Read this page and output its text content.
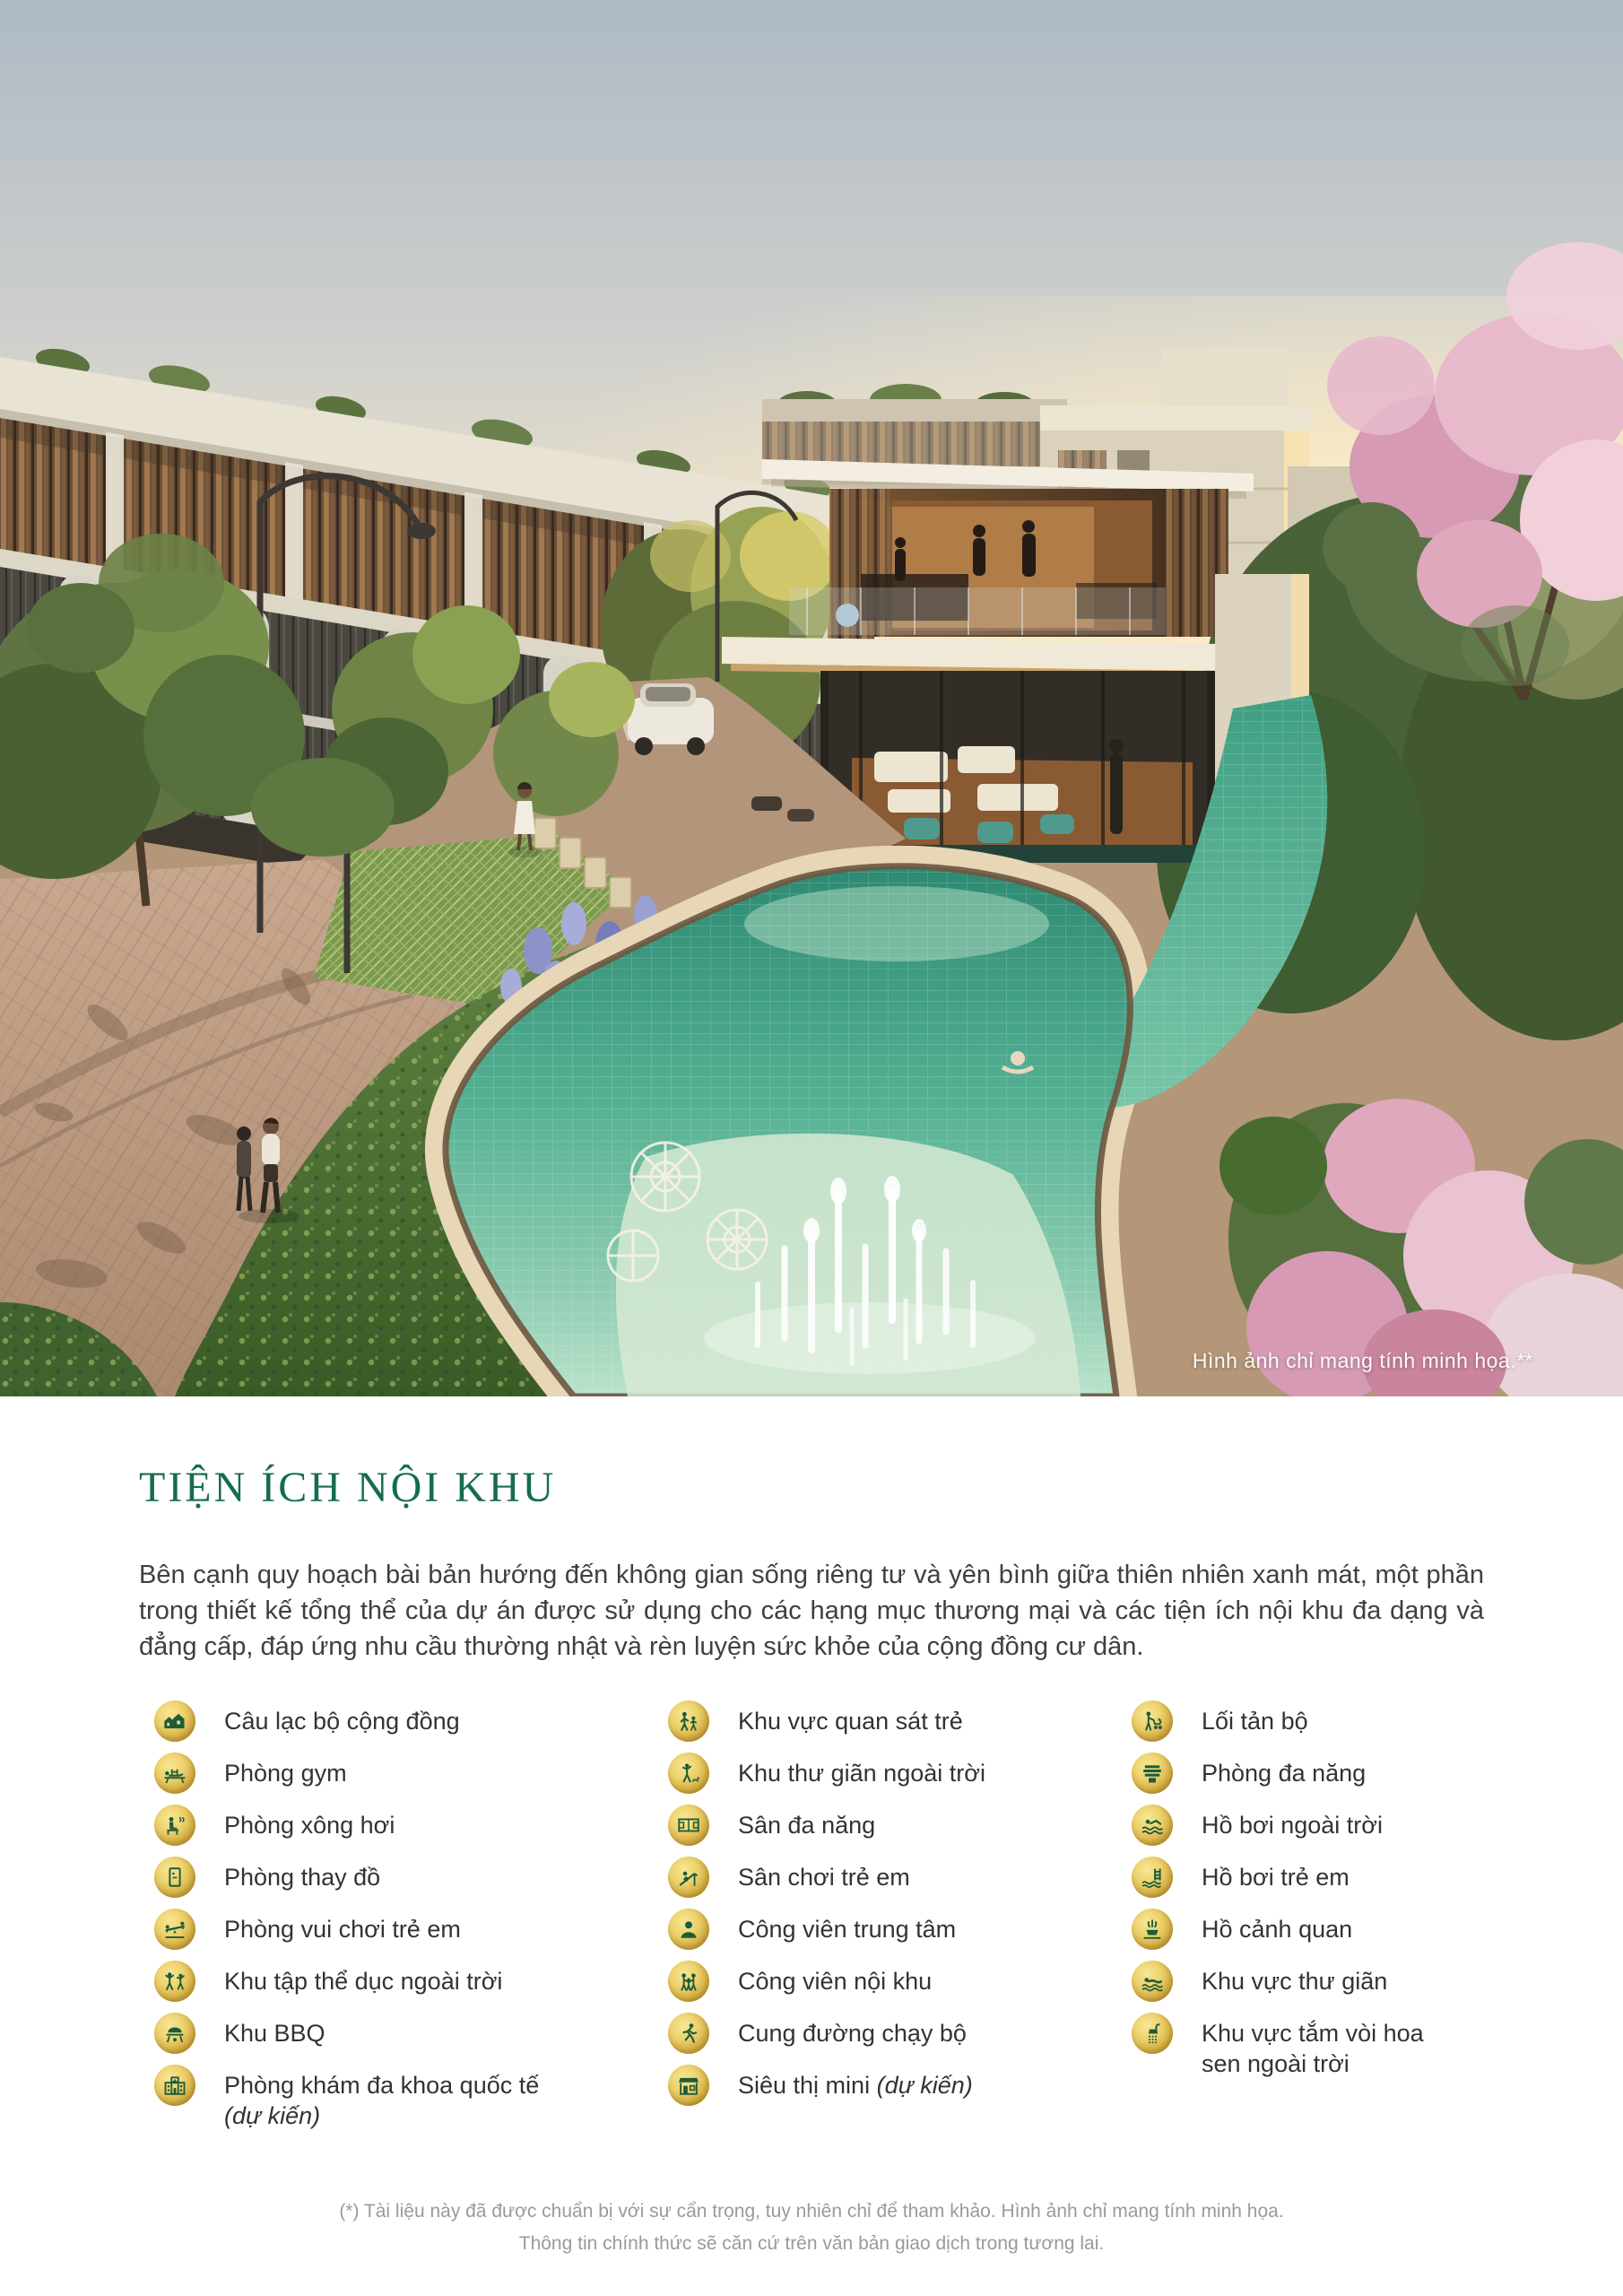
Hình ảnh chỉ mang tính minh họa.**
TIỆN ÍCH NỘI KHU

Bên cạnh quy hoạch bài bản hướng đến không gian sống riêng tư và yên bình giữa thiên nhiên xanh mát, một phần trong thiết kế tổng thể của dự án được sử dụng cho các hạng mục thương mại và các tiện ích nội khu đa dạng và đẳng cấp, đáp ứng nhu cầu thường nhật và rèn luyện sức khỏe của cộng đồng cư dân.

Câu lạc bộ cộng đồng
Phòng gym
Phòng xông hơi
Phòng thay đồ
Phòng vui chơi trẻ em
Khu tập thể dục ngoài trời
Khu BBQ
Phòng khám đa khoa quốc tế
(dự kiến)
Khu vực quan sát trẻ
Khu thư giãn ngoài trời
Sân đa năng
Sân chơi trẻ em
Công viên trung tâm
Công viên nội khu
Cung đường chạy bộ
Siêu thị mini (dự kiến)
Lối tản bộ
Phòng đa năng
Hồ bơi ngoài trời
Hồ bơi trẻ em
Hồ cảnh quan
Khu vực thư giãn
Khu vực tắm vòi hoa sen ngoài trời
(*) Tài liệu này đã được chuẩn bị với sự cẩn trọng, tuy nhiên chỉ để tham khảo. Hình ảnh chỉ mang tính minh họa.
Thông tin chính thức sẽ căn cứ trên văn bản giao dịch trong tương lai.
